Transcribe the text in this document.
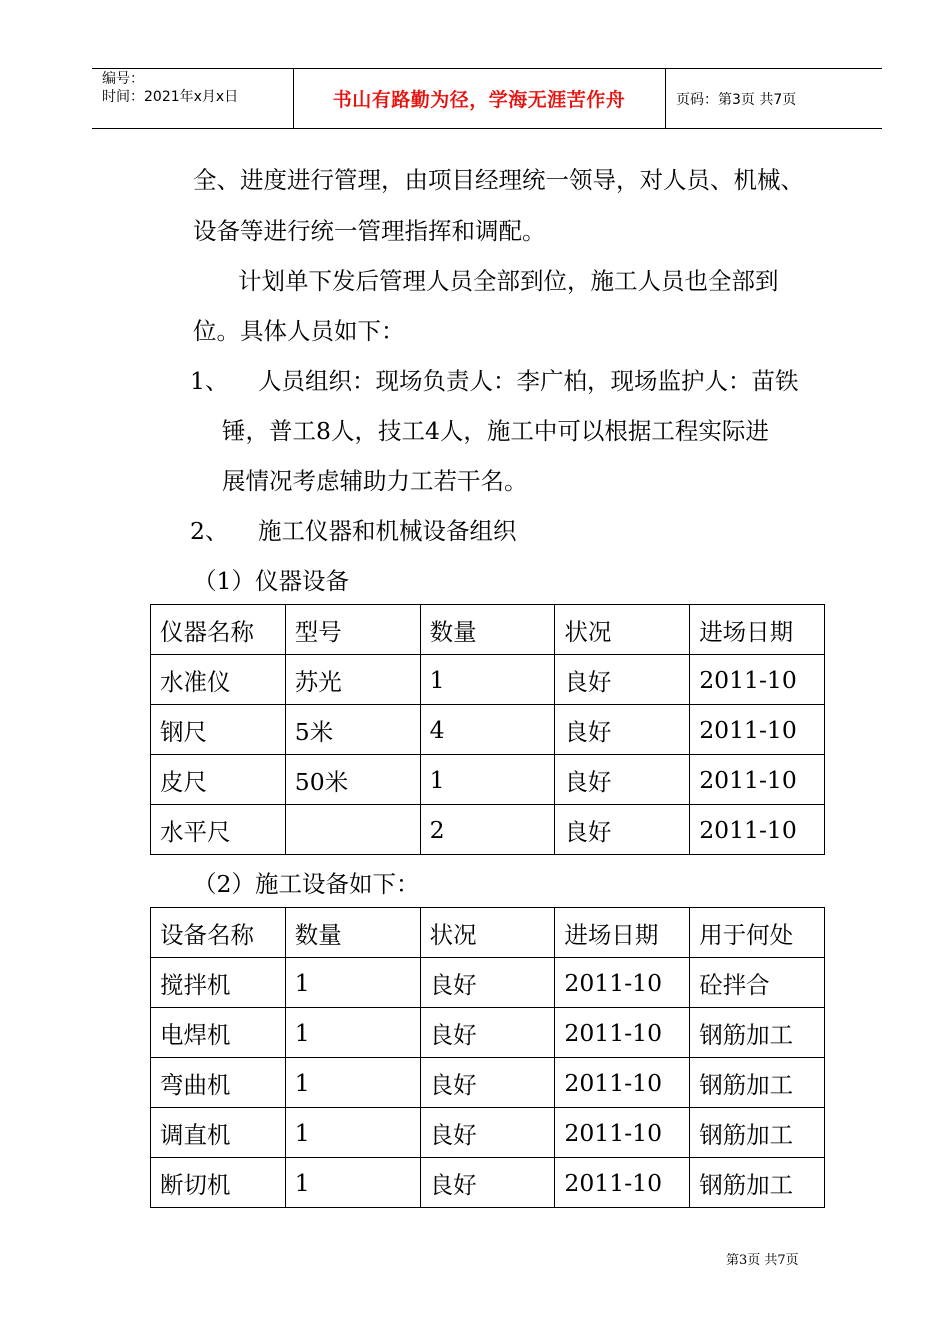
编号：
时间：2021年x月x日	书山有路勤为径，学海无涯苦作舟	页码：第3页 共7页
全、进度进行管理，由项目经理统一领导，对人员、机械、
设备等进行统一管理指挥和调配。
计划单下发后管理人员全部到位，施工人员也全部到
位。具体人员如下：
1、 人员组织：现场负责人：李广柏，现场监护人：苗铁
锤，普工8人，技工4人，施工中可以根据工程实际进
展情况考虑辅助力工若干名。
2、 施工仪器和机械设备组织
（1）仪器设备
仪器名称	型号	数量	状况	进场日期
水准仪	苏光	1	良好	2011-10
钢尺	5米	4	良好	2011-10
皮尺	50米	1	良好	2011-10
水平尺		2	良好	2011-10
（2）施工设备如下：
设备名称	数量	状况	进场日期	用于何处
搅拌机	1	良好	2011-10	砼拌合
电焊机	1	良好	2011-10	钢筋加工
弯曲机	1	良好	2011-10	钢筋加工
调直机	1	良好	2011-10	钢筋加工
断切机	1	良好	2011-10	钢筋加工
第3页 共7页
